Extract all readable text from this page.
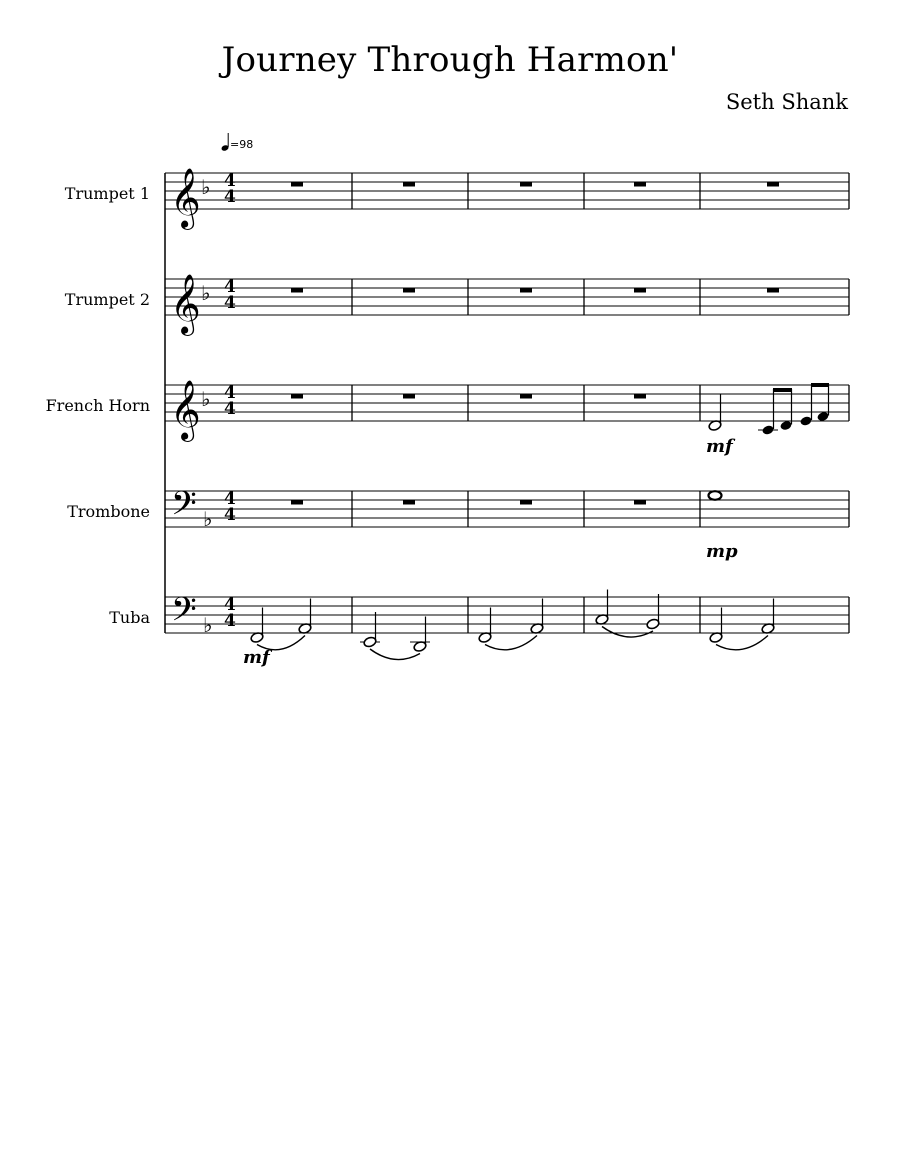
Journey Through Harmon'
Seth Shank
Trumpet 1
Trumpet 2
French Horn
Trombone
Tuba
=98
𝄞 ♭
𝄞 ♭
𝄞 ♭
𝄢 ♭
𝄢 ♭
4
4
4
4
4
4
4
4
4
4
mf
mp
mf
